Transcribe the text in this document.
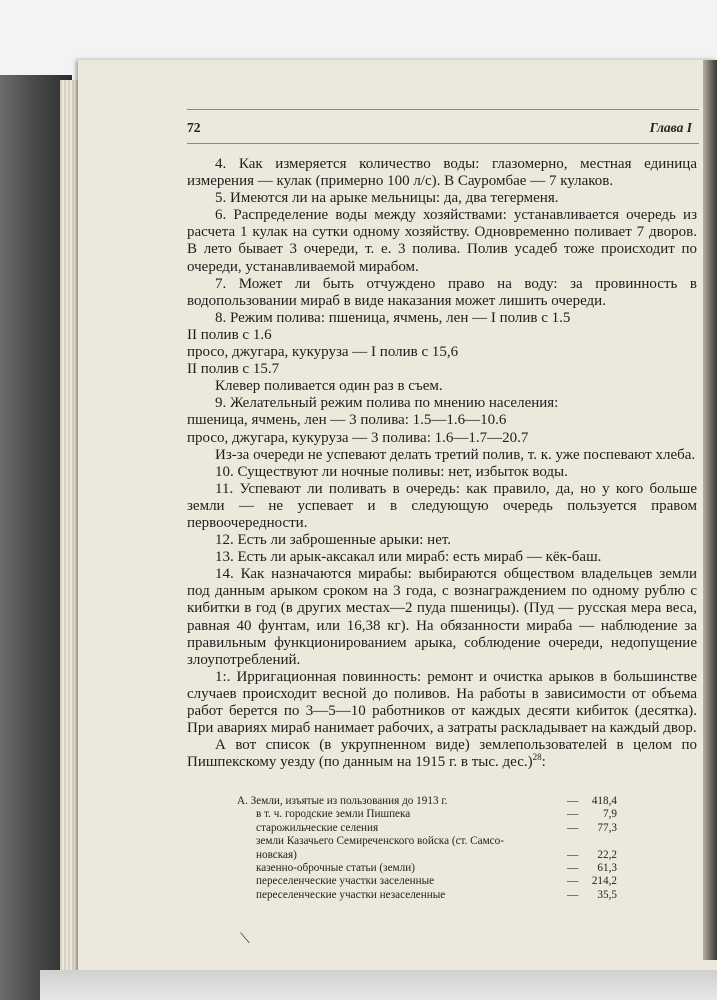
72	Глава I

4. Как измеряется количество воды: глазомерно, местная единица измерения — кулак (примерно 100 л/с). В Сауромбае — 7 кулаков.

5. Имеются ли на арыке мельницы: да, два тегерменя.

6. Распределение воды между хозяйствами: устанавливается очередь из расчета 1 кулак на сутки одному хозяйству. Одновременно поливает 7 дворов. В лето бывает 3 очереди, т. е. 3 полива. Полив усадеб тоже происходит по очереди, устанавливаемой мирабом.

7. Может ли быть отчуждено право на воду: за провинность в водопользовании мираб в виде наказания может лишить очереди.

8. Режим полива: пшеница, ячмень, лен — I полив с 1.5

II полив с 1.6

просо, джугара, кукуруза — I полив с 15,6

II полив с 15.7

Клевер поливается один раз в съем.

9. Желательный режим полива по мнению населения:

пшеница, ячмень, лен — 3 полива: 1.5—1.6—10.6

просо, джугара, кукуруза — 3 полива: 1.6—1.7—20.7

Из-за очереди не успевают делать третий полив, т. к. уже поспевают хлеба.

10. Существуют ли ночные поливы: нет, избыток воды.

11. Успевают ли поливать в очередь: как правило, да, но у кого больше земли — не успевает и в следующую очередь пользуется правом первоочередности.

12. Есть ли заброшенные арыки: нет.

13. Есть ли арык-аксакал или мираб: есть мираб — кёк-баш.

14. Как назначаются мирабы: выбираются обществом владельцев земли под данным арыком сроком на 3 года, с вознаграждением по одному рублю с кибитки в год (в других местах—2 пуда пшеницы). (Пуд — русская мера веса, равная 40 фунтам, или 16,38 кг). На обязанности мираба — наблюдение за правильным функционированием арыка, соблюдение очереди, недопущение злоупотреблений.

1:. Ирригационная повинность: ремонт и очистка арыков в большинстве случаев происходит весной до поливов. На работы в зависимости от объема работ берется по 3—5—10 работников от каждых десяти кибиток (десятка). При авариях мираб нанимает рабочих, а затраты раскладывает на каждый двор.

А вот список (в укрупненном виде) землепользователей в целом по Пишпекскому уезду (по данным на 1915 г. в тыс. дес.)$^{28}$:

А. Земли, изъятые из пользования до 1913 г.	— 418,4
в т. ч. городские земли Пишпека	— 7,9
старожильческие селения	— 77,3
земли Казачьего Семиреченского войска (ст. Самсо-
новская)	— 22,2
казенно-оброчные статьи (земли)	— 61,3
переселенческие участки заселенные	— 214,2
переселенческие участки незаселенные	— 35,5
⟍
